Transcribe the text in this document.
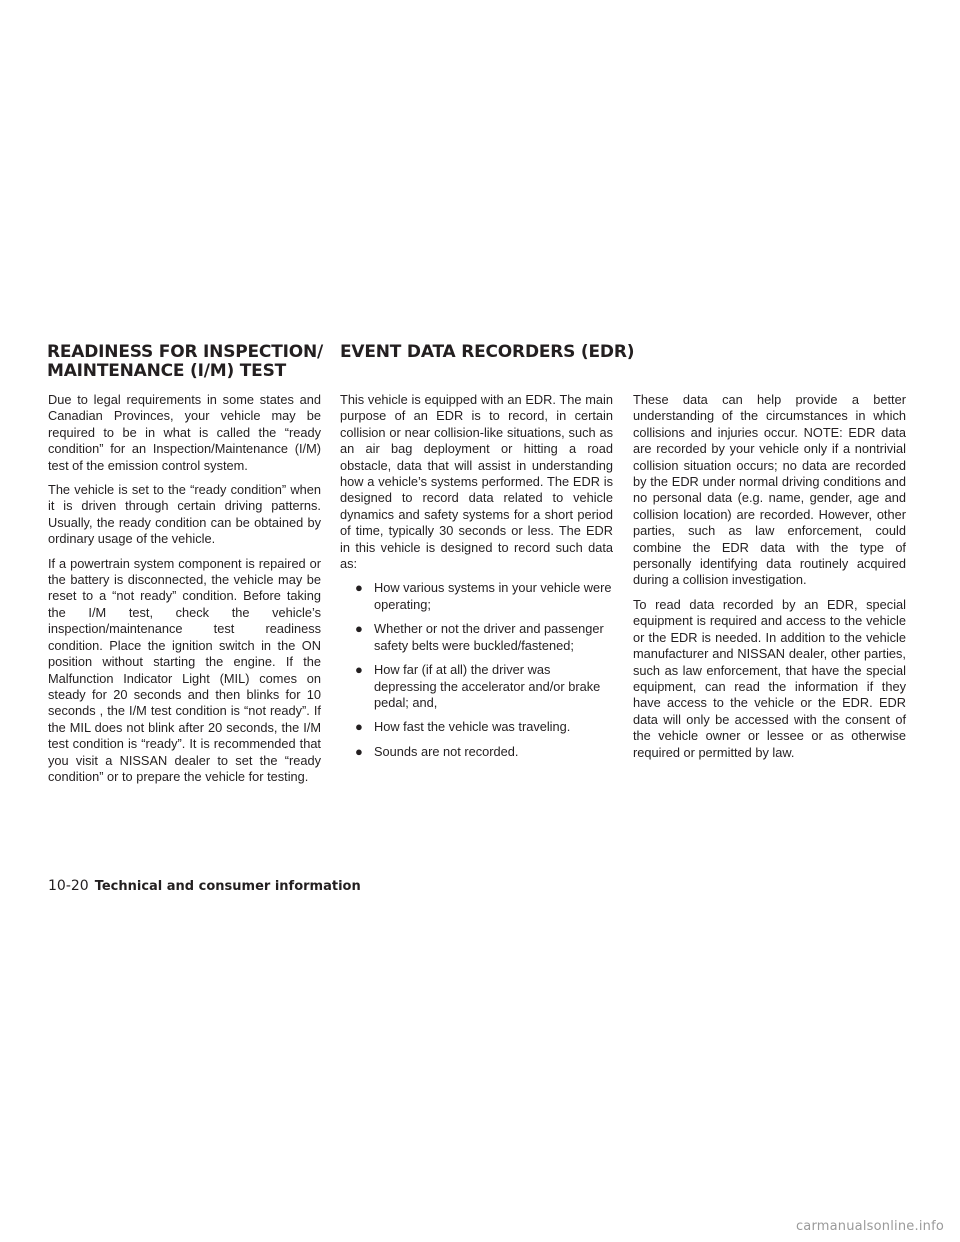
READINESS FOR INSPECTION/
MAINTENANCE (I/M) TEST
EVENT DATA RECORDERS (EDR)

Due to legal requirements in some states and Canadian Provinces, your vehicle may be required to be in what is called the “ready condition” for an Inspection/Maintenance (I/M) test of the emission control system.

The vehicle is set to the “ready condition” when it is driven through certain driving patterns. Usually, the ready condition can be obtained by ordinary usage of the vehicle.

If a powertrain system component is repaired or the battery is disconnected, the vehicle may be reset to a “not ready” condition. Before taking the I/M test, check the vehicle’s inspection/maintenance test readiness condition. Place the ignition switch in the ON position without starting the engine. If the Malfunction Indicator Light (MIL) comes on steady for 20 seconds and then blinks for 10 seconds , the I/M test condition is “not ready”. If the MIL does not blink after 20 seconds, the I/M test condition is “ready”. It is recommended that you visit a NISSAN dealer to set the “ready condition” or to prepare the vehicle for testing.

This vehicle is equipped with an EDR. The main purpose of an EDR is to record, in certain collision or near collision-like situations, such as an air bag deployment or hitting a road obstacle, data that will assist in understanding how a vehicle’s systems performed. The EDR is designed to record data related to vehicle dynamics and safety systems for a short period of time, typically 30 seconds or less. The EDR in this vehicle is designed to record such data as:

● How various systems in your vehicle were operating;
● Whether or not the driver and passenger safety belts were buckled/fastened;
● How far (if at all) the driver was depressing the accelerator and/or brake pedal; and,
● How fast the vehicle was traveling.
● Sounds are not recorded.

These data can help provide a better understanding of the circumstances in which collisions and injuries occur. NOTE: EDR data are recorded by your vehicle only if a nontrivial collision situation occurs; no data are recorded by the EDR under normal driving conditions and no personal data (e.g. name, gender, age and collision location) are recorded. However, other parties, such as law enforcement, could combine the EDR data with the type of personally identifying data routinely acquired during a collision investigation.

To read data recorded by an EDR, special equipment is required and access to the vehicle or the EDR is needed. In addition to the vehicle manufacturer and NISSAN dealer, other parties, such as law enforcement, that have the special equipment, can read the information if they have access to the vehicle or the EDR. EDR data will only be accessed with the consent of the vehicle owner or lessee or as otherwise required or permitted by law.

10-20 Technical and consumer information
carmanualsonline.info
